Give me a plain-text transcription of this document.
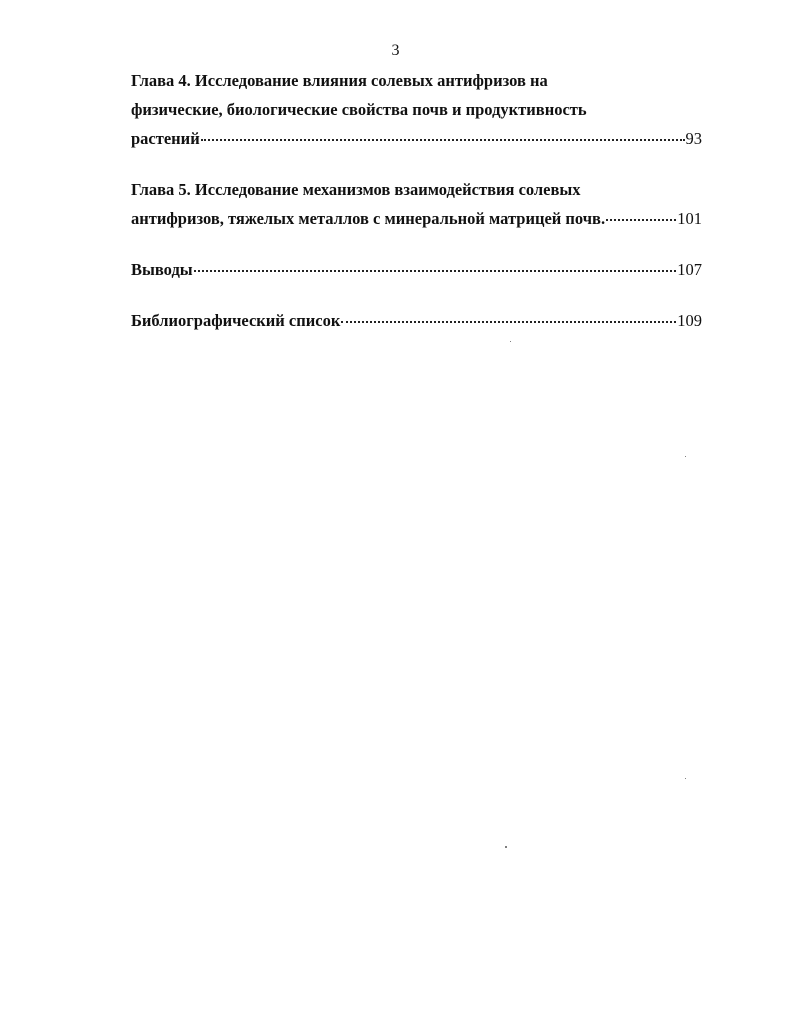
3
Глава 4. Исследование влияния солевых антифризов на
физические, биологические свойства почв и продуктивность
растений	93
Глава 5. Исследование механизмов взаимодействия солевых
антифризов, тяжелых металлов с минеральной матрицей почв.	101
Выводы	107
Библиографический список	109
